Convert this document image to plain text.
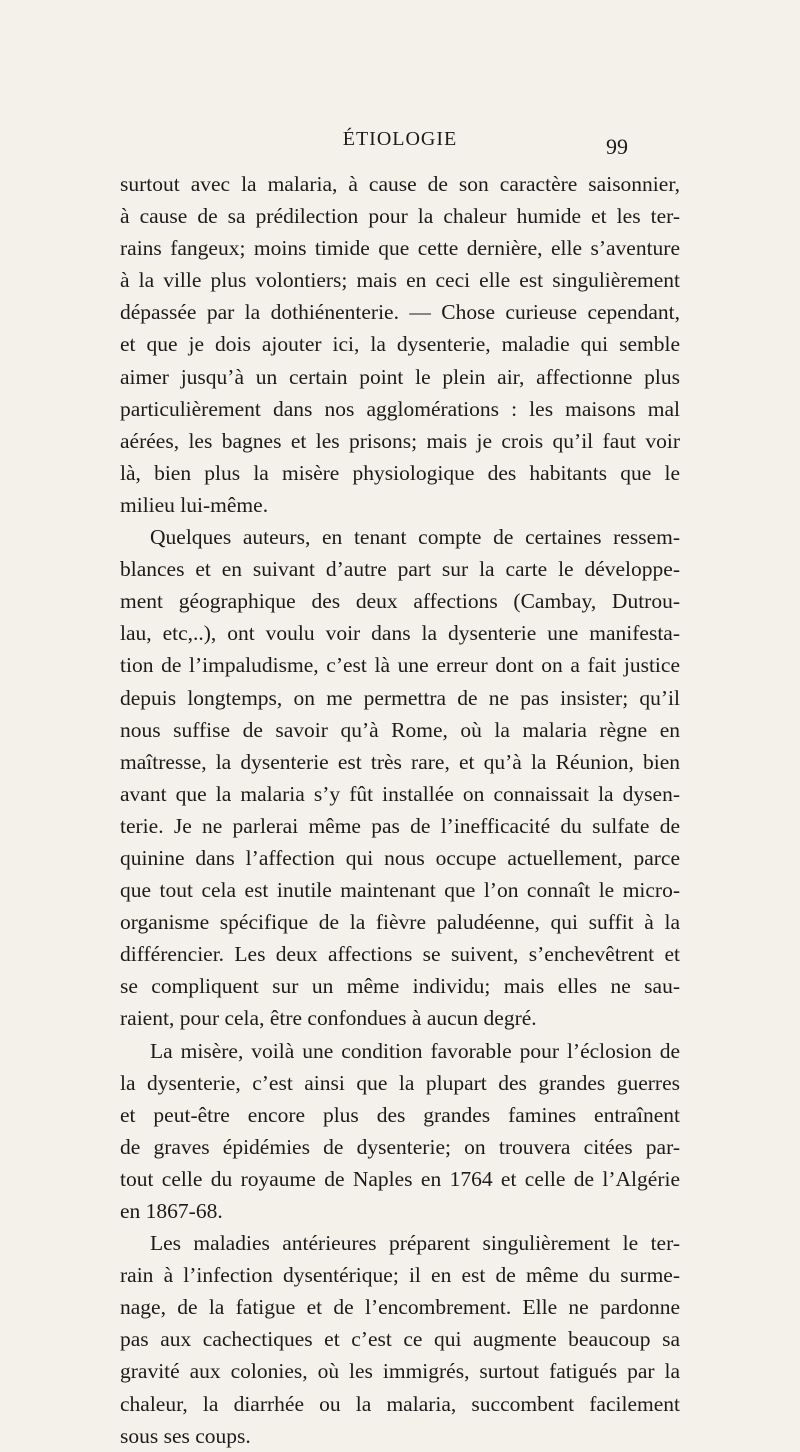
ÉTIOLOGIE	99

surtout avec la malaria, à cause de son caractère saisonnier,
à cause de sa prédilection pour la chaleur humide et les ter-
rains fangeux; moins timide que cette dernière, elle s’aventure
à la ville plus volontiers; mais en ceci elle est singulièrement
dépassée par la dothiénenterie. — Chose curieuse cependant,
et que je dois ajouter ici, la dysenterie, maladie qui semble
aimer jusqu’à un certain point le plein air, affectionne plus
particulièrement dans nos agglomérations : les maisons mal
aérées, les bagnes et les prisons; mais je crois qu’il faut voir
là, bien plus la misère physiologique des habitants que le
milieu lui-même.

Quelques auteurs, en tenant compte de certaines ressem-
blances et en suivant d’autre part sur la carte le développe-
ment géographique des deux affections (Cambay, Dutrou-
lau, etc,..), ont voulu voir dans la dysenterie une manifesta-
tion de l’impaludisme, c’est là une erreur dont on a fait justice
depuis longtemps, on me permettra de ne pas insister; qu’il
nous suffise de savoir qu’à Rome, où la malaria règne en
maîtresse, la dysenterie est très rare, et qu’à la Réunion, bien
avant que la malaria s’y fût installée on connaissait la dysen-
terie. Je ne parlerai même pas de l’inefficacité du sulfate de
quinine dans l’affection qui nous occupe actuellement, parce
que tout cela est inutile maintenant que l’on connaît le micro-
organisme spécifique de la fièvre paludéenne, qui suffit à la
différencier. Les deux affections se suivent, s’enchevêtrent et
se compliquent sur un même individu; mais elles ne sau-
raient, pour cela, être confondues à aucun degré.

La misère, voilà une condition favorable pour l’éclosion de
la dysenterie, c’est ainsi que la plupart des grandes guerres
et peut-être encore plus des grandes famines entraînent
de graves épidémies de dysenterie; on trouvera citées par-
tout celle du royaume de Naples en 1764 et celle de l’Algérie
en 1867-68.

Les maladies antérieures préparent singulièrement le ter-
rain à l’infection dysentérique; il en est de même du surme-
nage, de la fatigue et de l’encombrement. Elle ne pardonne
pas aux cachectiques et c’est ce qui augmente beaucoup sa
gravité aux colonies, où les immigrés, surtout fatigués par la
chaleur, la diarrhée ou la malaria, succombent facilement
sous ses coups.
